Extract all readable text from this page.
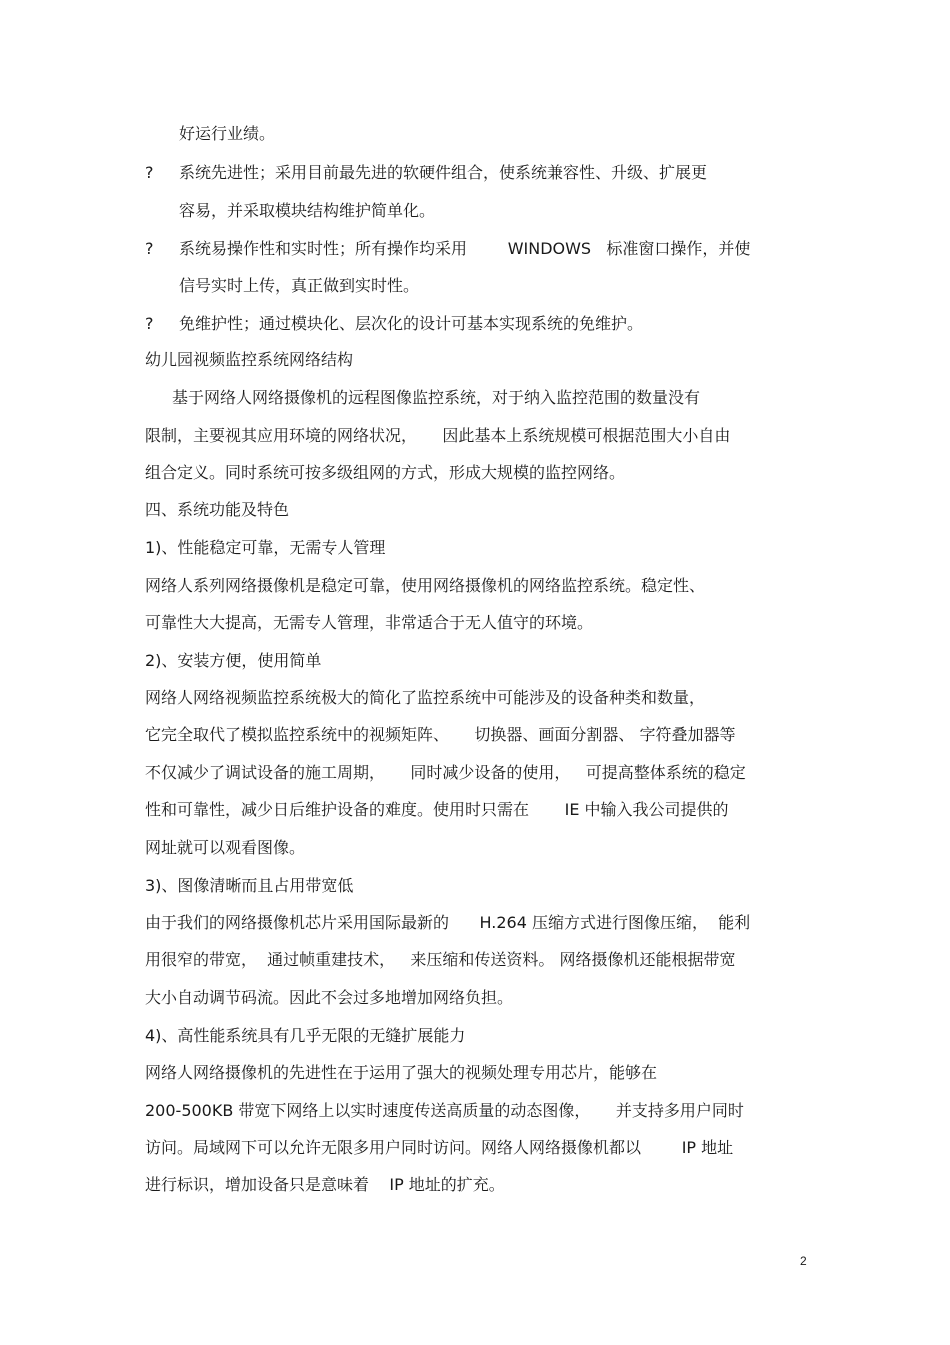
好运行业绩。
? 系统先进性；采用目前最先进的软硬件组合，使系统兼容性、升级、扩展更
容易，并采取模块结构维护简单化。
? 系统易操作性和实时性；所有操作均采用        WINDOWS   标准窗口操作，并使
信号实时上传，真正做到实时性。
? 免维护性；通过模块化、层次化的设计可基本实现系统的免维护。
幼儿园视频监控系统网络结构
基于网络人网络摄像机的远程图像监控系统，对于纳入监控范围的数量没有
限制，主要视其应用环境的网络状况，     因此基本上系统规模可根据范围大小自由
组合定义。同时系统可按多级组网的方式，形成大规模的监控网络。
四、系统功能及特色
1)、性能稳定可靠，无需专人管理
网络人系列网络摄像机是稳定可靠，使用网络摄像机的网络监控系统。稳定性、
可靠性大大提高，无需专人管理，非常适合于无人值守的环境。
2)、安装方便，使用简单
网络人网络视频监控系统极大的简化了监控系统中可能涉及的设备种类和数量，
它完全取代了模拟监控系统中的视频矩阵、     切换器、画面分割器、 字符叠加器等
不仅减少了调试设备的施工周期，     同时减少设备的使用，   可提高整体系统的稳定
性和可靠性，减少日后维护设备的难度。使用时只需在       IE 中输入我公司提供的
网址就可以观看图像。
3)、图像清晰而且占用带宽低
由于我们的网络摄像机芯片采用国际最新的      H.264 压缩方式进行图像压缩，  能利
用很窄的带宽，  通过帧重建技术，   来压缩和传送资料。 网络摄像机还能根据带宽
大小自动调节码流。因此不会过多地增加网络负担。
4)、高性能系统具有几乎无限的无缝扩展能力
网络人网络摄像机的先进性在于运用了强大的视频处理专用芯片，能够在
200-500KB 带宽下网络上以实时速度传送高质量的动态图像，     并支持多用户同时
访问。局域网下可以允许无限多用户同时访问。网络人网络摄像机都以        IP 地址
进行标识，增加设备只是意味着    IP 地址的扩充。
2
